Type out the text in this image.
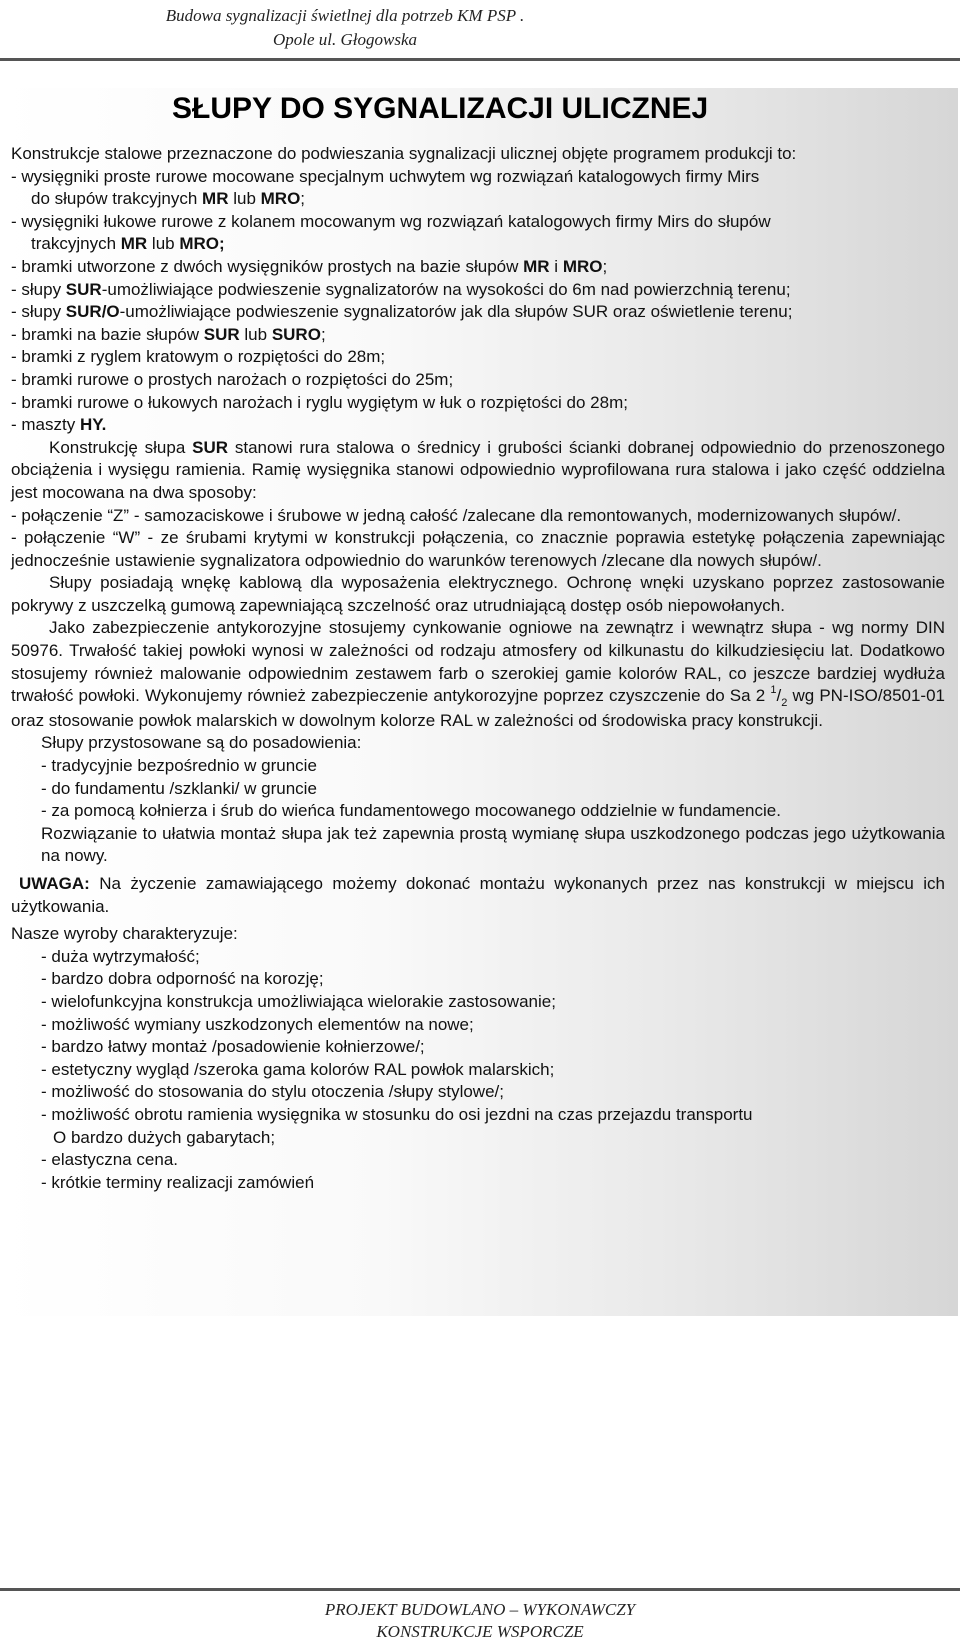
Budowa sygnalizacji świetlnej dla potrzeb KM PSP .
Opole ul. Głogowska
SŁUPY DO SYGNALIZACJI ULICZNEJ

Konstrukcje stalowe przeznaczone do podwieszania sygnalizacji ulicznej objęte programem produkcji to:

- wysięgniki proste rurowe mocowane specjalnym uchwytem wg rozwiązań katalogowych firmy Mirs

do słupów trakcyjnych MR lub MRO;

- wysięgniki łukowe rurowe z kolanem mocowanym wg rozwiązań katalogowych firmy Mirs do słupów

trakcyjnych MR lub MRO;

- bramki utworzone z dwóch wysięgników prostych na bazie słupów MR i MRO;

- słupy SUR-umożliwiające podwieszenie sygnalizatorów na wysokości do 6m nad powierzchnią terenu;

- słupy SUR/O-umożliwiające podwieszenie sygnalizatorów jak dla słupów SUR oraz oświetlenie terenu;

- bramki na bazie słupów SUR lub SURO;

- bramki z ryglem kratowym o rozpiętości do 28m;

- bramki rurowe o prostych narożach o rozpiętości do 25m;

- bramki rurowe o łukowych narożach i ryglu wygiętym w łuk o rozpiętości do 28m;

- maszty HY.

Konstrukcję słupa SUR stanowi rura stalowa o średnicy i grubości ścianki dobranej odpowiednio do przenoszonego obciążenia i wysięgu ramienia. Ramię wysięgnika stanowi odpowiednio wyprofilowana rura stalowa i jako część oddzielna jest mocowana na dwa sposoby:

- połączenie “Z” - samozaciskowe i śrubowe w jedną całość /zalecane dla remontowanych, modernizowanych słupów/.

- połączenie “W” - ze śrubami krytymi w konstrukcji połączenia, co znacznie poprawia estetykę połączenia zapewniając jednocześnie ustawienie sygnalizatora odpowiednio do warunków terenowych /zlecane dla nowych słupów/.

Słupy posiadają wnękę kablową dla wyposażenia elektrycznego. Ochronę wnęki uzyskano poprzez zastosowanie pokrywy z uszczelką gumową zapewniającą szczelność oraz utrudniającą dostęp osób niepowołanych.

Jako zabezpieczenie antykorozyjne stosujemy cynkowanie ogniowe na zewnątrz i wewnątrz słupa - wg normy DIN 50976. Trwałość takiej powłoki wynosi w zależności od rodzaju atmosfery od kilkunastu do kilkudziesięciu lat. Dodatkowo stosujemy również malowanie odpowiednim zestawem farb o szerokiej gamie kolorów RAL, co jeszcze bardziej wydłuża trwałość powłoki. Wykonujemy również zabezpieczenie antykorozyjne poprzez czyszczenie do Sa 2 $^1/_2$ wg PN-ISO/8501-01 oraz stosowanie powłok malarskich w dowolnym kolorze RAL w zależności od środowiska pracy konstrukcji.

Słupy przystosowane są do posadowienia:

- tradycyjnie bezpośrednio w gruncie

- do fundamentu /szklanki/ w gruncie

- za pomocą kołnierza i śrub do wieńca fundamentowego mocowanego oddzielnie w fundamencie.

Rozwiązanie to ułatwia montaż słupa jak też zapewnia prostą wymianę słupa uszkodzonego podczas jego użytkowania na nowy.

UWAGA: Na życzenie zamawiającego możemy dokonać montażu wykonanych przez nas konstrukcji w miejscu ich użytkowania.

Nasze wyroby charakteryzuje:

- duża wytrzymałość;

- bardzo dobra odporność na korozję;

- wielofunkcyjna konstrukcja umożliwiająca wielorakie zastosowanie;

- możliwość wymiany uszkodzonych elementów na nowe;

- bardzo łatwy montaż /posadowienie kołnierzowe/;

- estetyczny wygląd /szeroka gama kolorów RAL powłok malarskich;

- możliwość do stosowania do stylu otoczenia /słupy stylowe/;

- możliwość obrotu ramienia wysięgnika w stosunku do osi jezdni na czas przejazdu transportu

O bardzo dużych gabarytach;

- elastyczna cena.

- krótkie terminy realizacji zamówień

PROJEKT BUDOWLANO – WYKONAWCZY
KONSTRUKCJE WSPORCZE
